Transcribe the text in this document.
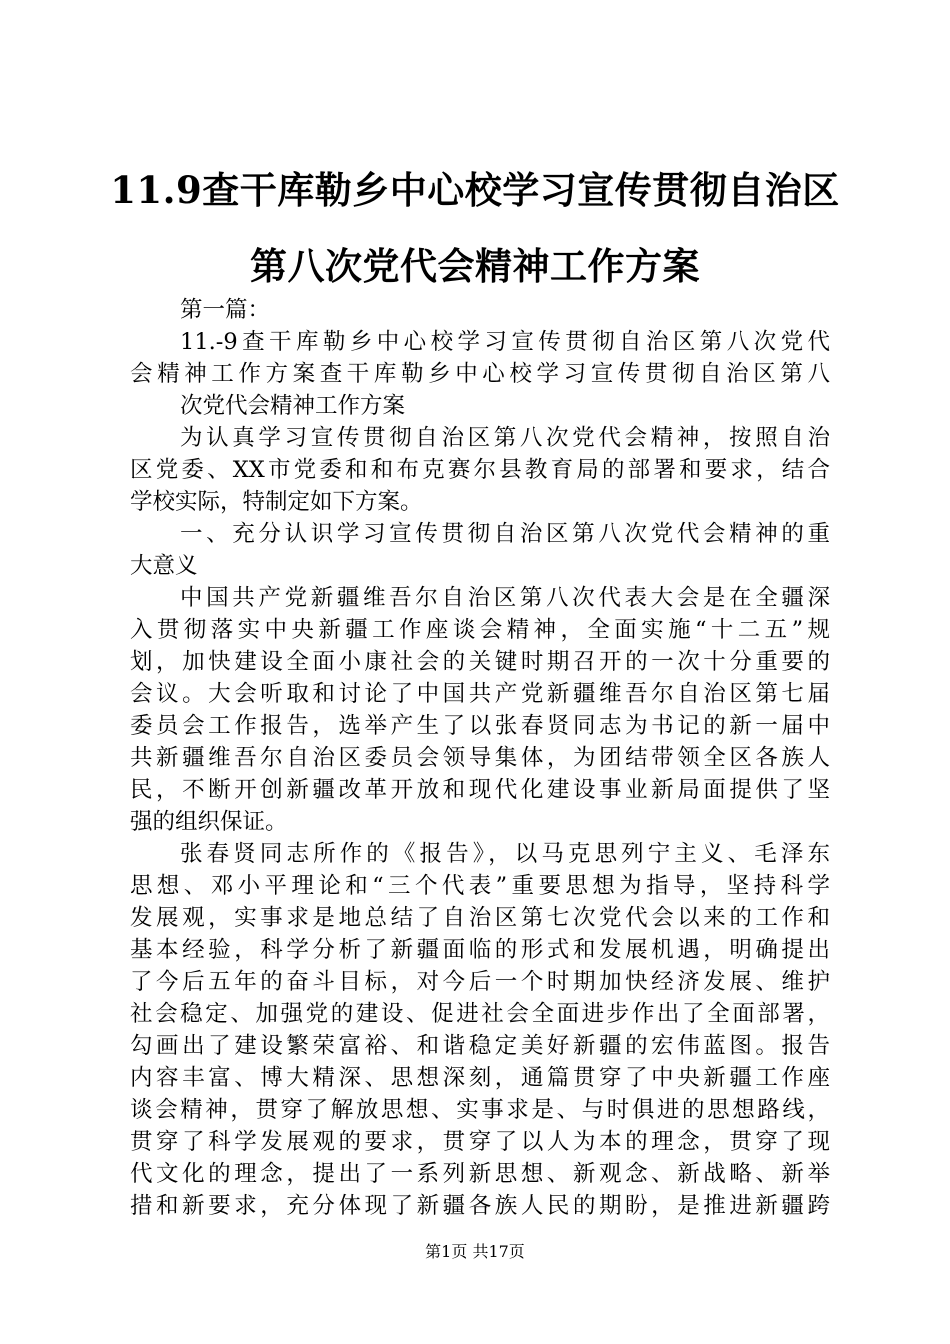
11.9查干库勒乡中心校学习宣传贯彻自治区
第八次党代会精神工作方案
第一篇：
11.-9查干库勒乡中心校学习宣传贯彻自治区第八次党代
会精神工作方案查干库勒乡中心校学习宣传贯彻自治区第八
次党代会精神工作方案
为认真学习宣传贯彻自治区第八次党代会精神，按照自治
区党委、XX市党委和和布克赛尔县教育局的部署和要求，结合
学校实际，特制定如下方案。
一、充分认识学习宣传贯彻自治区第八次党代会精神的重
大意义
中国共产党新疆维吾尔自治区第八次代表大会是在全疆深
入贯彻落实中央新疆工作座谈会精神，全面实施“十二五”规
划，加快建设全面小康社会的关键时期召开的一次十分重要的
会议。大会听取和讨论了中国共产党新疆维吾尔自治区第七届
委员会工作报告，选举产生了以张春贤同志为书记的新一届中
共新疆维吾尔自治区委员会领导集体，为团结带领全区各族人
民，不断开创新疆改革开放和现代化建设事业新局面提供了坚
强的组织保证。
张春贤同志所作的《报告》，以马克思列宁主义、毛泽东
思想、邓小平理论和“三个代表”重要思想为指导，坚持科学
发展观，实事求是地总结了自治区第七次党代会以来的工作和
基本经验，科学分析了新疆面临的形式和发展机遇，明确提出
了今后五年的奋斗目标，对今后一个时期加快经济发展、维护
社会稳定、加强党的建设、促进社会全面进步作出了全面部署，
勾画出了建设繁荣富裕、和谐稳定美好新疆的宏伟蓝图。报告
内容丰富、博大精深、思想深刻，通篇贯穿了中央新疆工作座
谈会精神，贯穿了解放思想、实事求是、与时俱进的思想路线，
贯穿了科学发展观的要求，贯穿了以人为本的理念，贯穿了现
代文化的理念，提出了一系列新思想、新观念、新战略、新举
措和新要求，充分体现了新疆各族人民的期盼，是推进新疆跨
第1页 共17页
